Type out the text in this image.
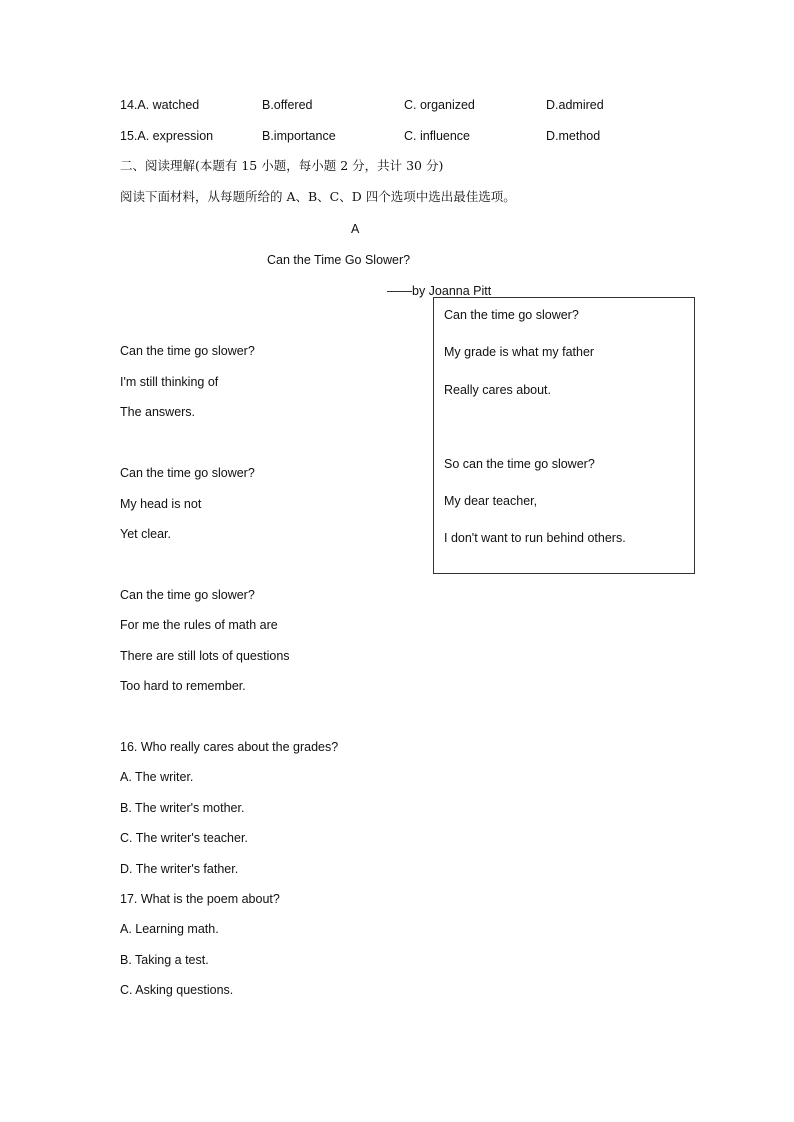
14.A. watched	B.offered	C. organized	D.admired
15.A. expression	B.importance	C. influence	D.method
二、阅读理解(本题有 15 小题，每小题 2 分，共计 30 分)
阅读下面材料，从每题所给的 A、B、C、D 四个选项中选出最佳选项。
A
Can the Time Go Slower?
——by Joanna Pitt
Can the time go slower?
I'm still thinking of
The answers.
Can the time go slower?
My head is not
Yet clear.
Can the time go slower?
For me the rules of math are
There are still lots of questions
Too hard to remember.
Can the time go slower?
My grade is what my father
Really cares about.
So can the time go slower?
My dear teacher,
I don't want to run behind others.
16. Who really cares about the grades?
A. The writer.
B. The writer's mother.
C. The writer's teacher.
D. The writer's father.
17. What is the poem about?
A. Learning math.
B. Taking a test.
C. Asking questions.
